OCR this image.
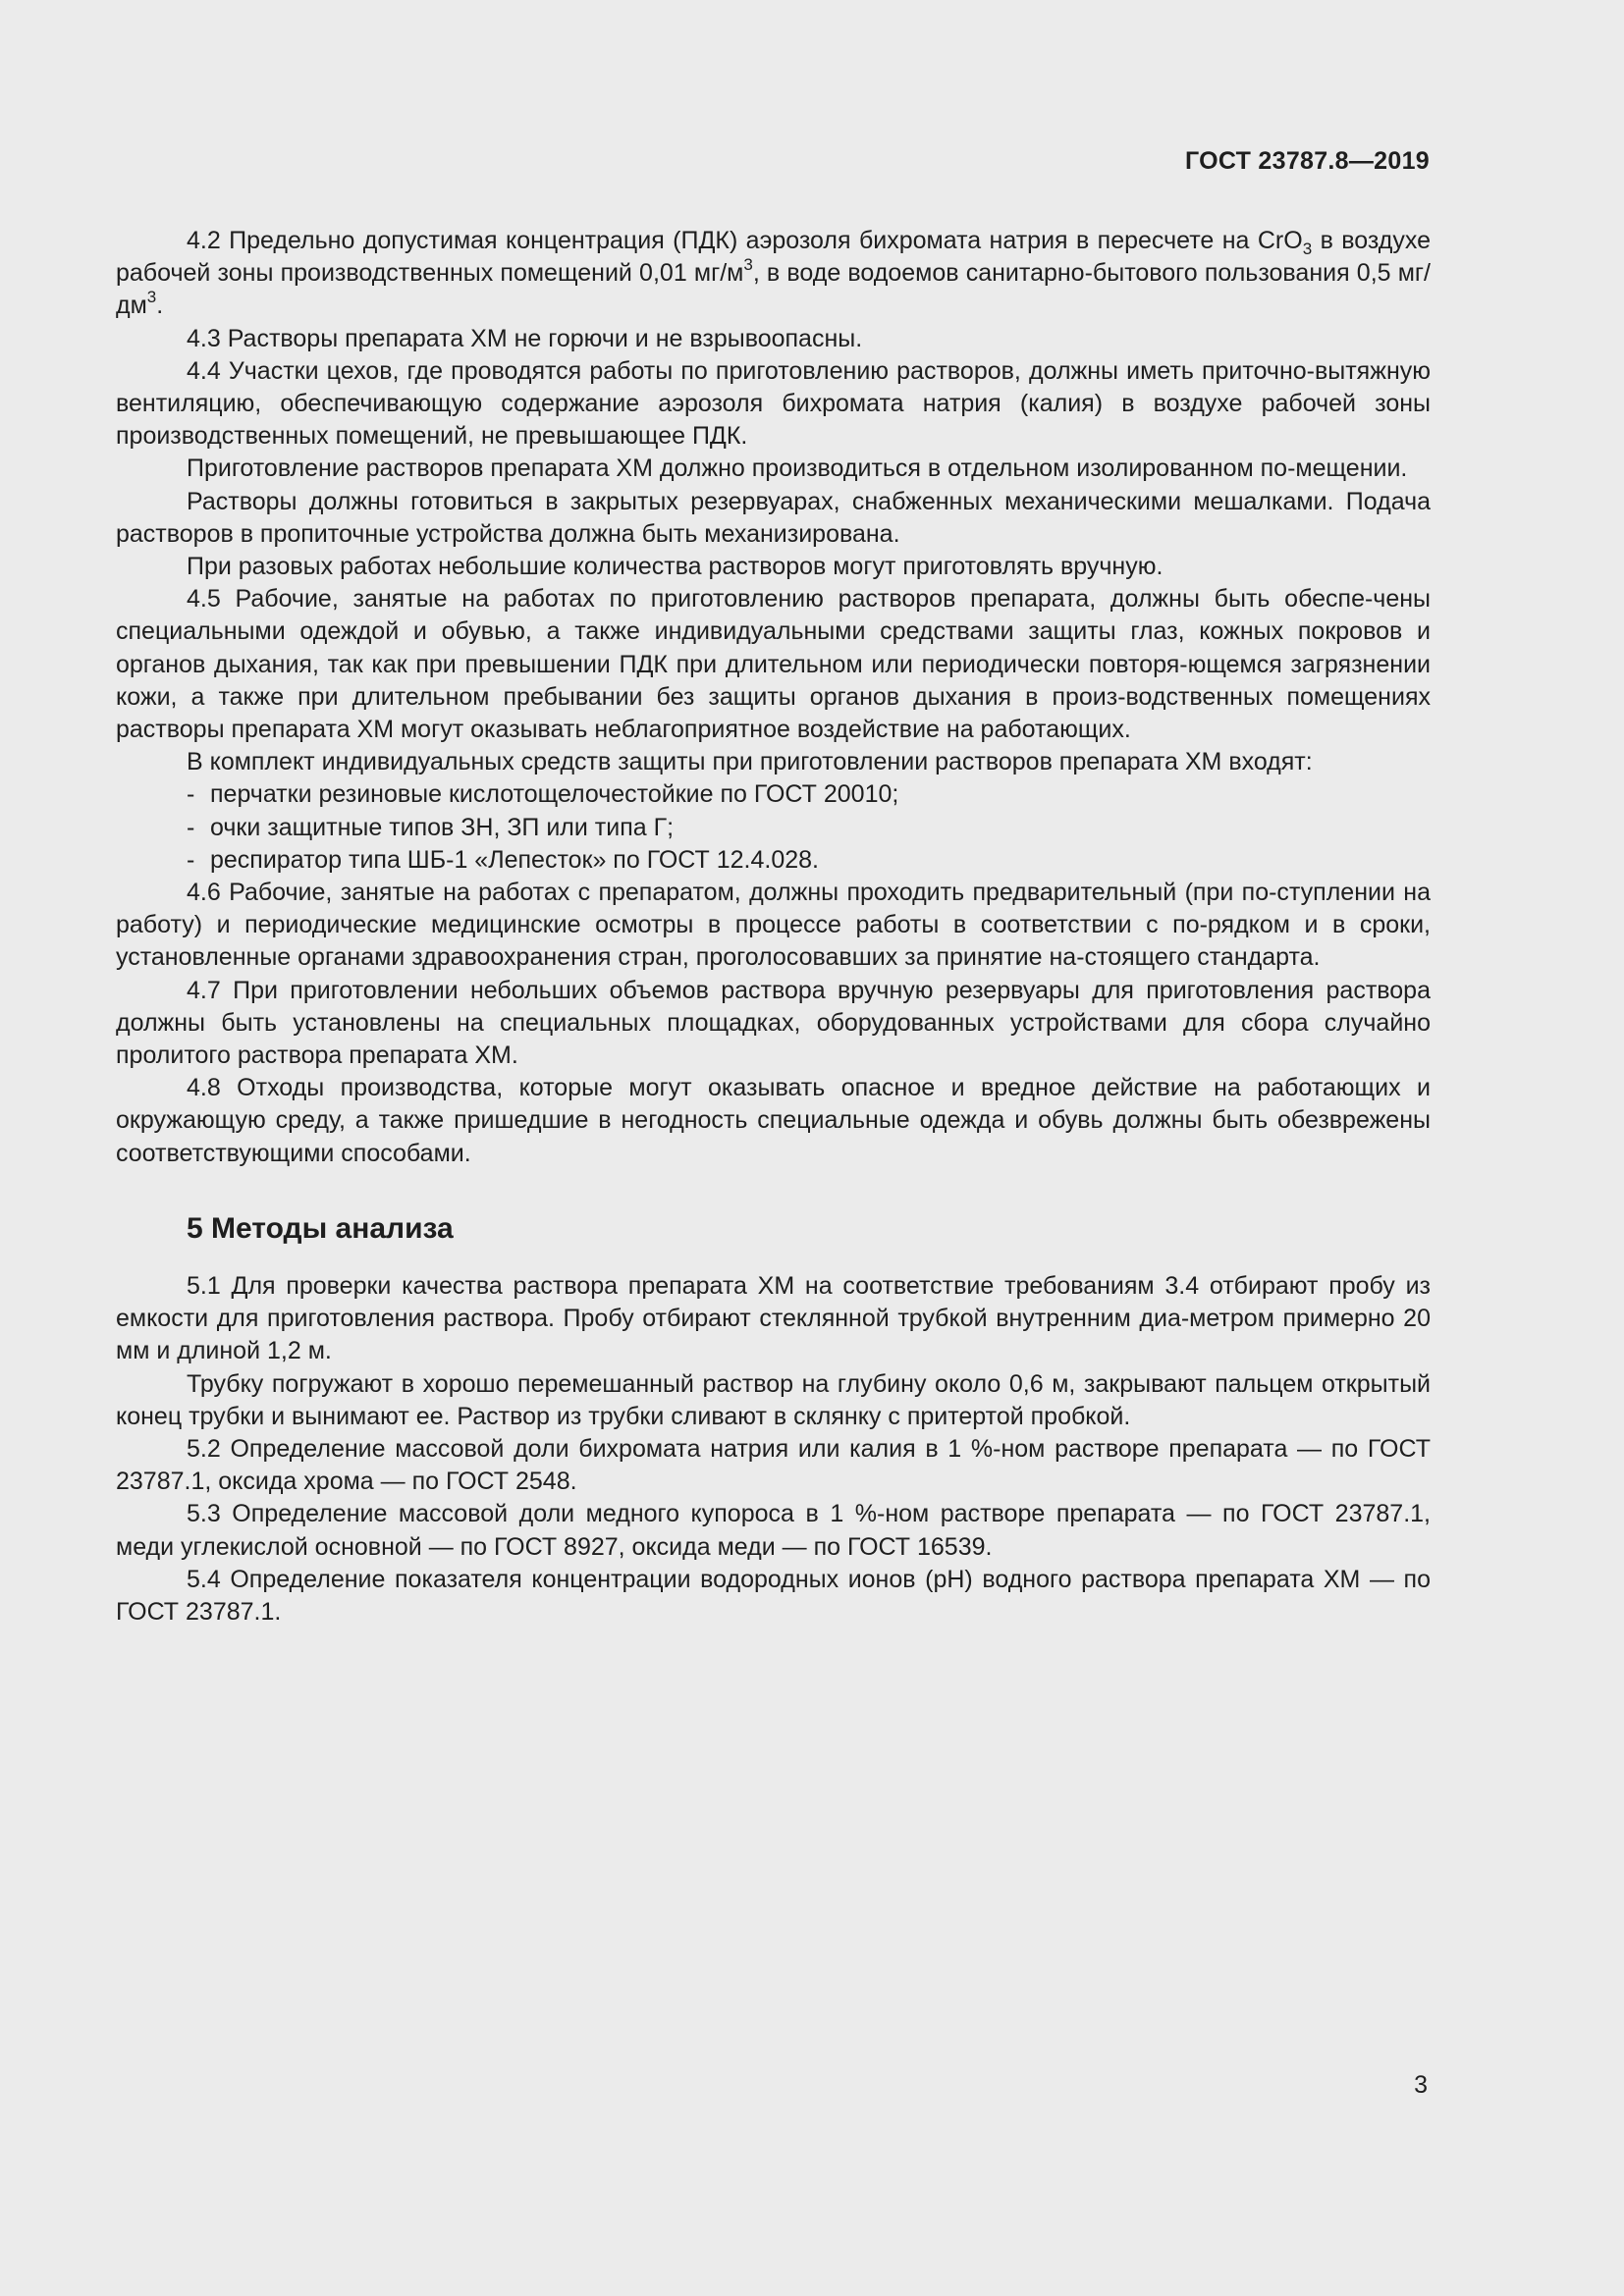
ГОСТ 23787.8—2019

4.2 Предельно допустимая концентрация (ПДК) аэрозоля бихромата натрия в пересчете на CrO$_3$ в воздухе рабочей зоны производственных помещений 0,01 $мг/м^3$, в воде водоемов санитарно-бытового пользования 0,5 $мг/дм^3$.

4.3 Растворы препарата ХМ не горючи и не взрывоопасны.

4.4 Участки цехов, где проводятся работы по приготовлению растворов, должны иметь приточно-вытяжную вентиляцию, обеспечивающую содержание аэрозоля бихромата натрия (калия) в воздухе рабочей зоны производственных помещений, не превышающее ПДК.

Приготовление растворов препарата ХМ должно производиться в отдельном изолированном по-мещении.

Растворы должны готовиться в закрытых резервуарах, снабженных механическими мешалками. Подача растворов в пропиточные устройства должна быть механизирована.

При разовых работах небольшие количества растворов могут приготовлять вручную.

4.5 Рабочие, занятые на работах по приготовлению растворов препарата, должны быть обеспе-чены специальными одеждой и обувью, а также индивидуальными средствами защиты глаз, кожных покровов и органов дыхания, так как при превышении ПДК при длительном или периодически повторя-ющемся загрязнении кожи, а также при длительном пребывании без защиты органов дыхания в произ-водственных помещениях растворы препарата ХМ могут оказывать неблагоприятное воздействие на работающих.

В комплект индивидуальных средств защиты при приготовлении растворов препарата ХМ входят:

- перчатки резиновые кислотощелочестойкие по ГОСТ 20010;

- очки защитные типов ЗН, ЗП или типа Г;

- респиратор типа ШБ-1 «Лепесток» по ГОСТ 12.4.028.

4.6 Рабочие, занятые на работах с препаратом, должны проходить предварительный (при по-ступлении на работу) и периодические медицинские осмотры в процессе работы в соответствии с по-рядком и в сроки, установленные органами здравоохранения стран, проголосовавших за принятие на-стоящего стандарта.

4.7 При приготовлении небольших объемов раствора вручную резервуары для приготовления раствора должны быть установлены на специальных площадках, оборудованных устройствами для сбора случайно пролитого раствора препарата ХМ.

4.8 Отходы производства, которые могут оказывать опасное и вредное действие на работающих и окружающую среду, а также пришедшие в негодность специальные одежда и обувь должны быть обезврежены соответствующими способами.

5 Методы анализа

5.1 Для проверки качества раствора препарата ХМ на соответствие требованиям 3.4 отбирают пробу из емкости для приготовления раствора. Пробу отбирают стеклянной трубкой внутренним диа-метром примерно 20 мм и длиной 1,2 м.

Трубку погружают в хорошо перемешанный раствор на глубину около 0,6 м, закрывают пальцем открытый конец трубки и вынимают ее. Раствор из трубки сливают в склянку с притертой пробкой.

5.2 Определение массовой доли бихромата натрия или калия в 1 %-ном растворе препарата — по ГОСТ 23787.1, оксида хрома — по ГОСТ 2548.

5.3 Определение массовой доли медного купороса в 1 %-ном растворе препарата — по ГОСТ 23787.1, меди углекислой основной — по ГОСТ 8927, оксида меди — по ГОСТ 16539.

5.4 Определение показателя концентрации водородных ионов (pH) водного раствора препарата ХМ — по ГОСТ 23787.1.

3
